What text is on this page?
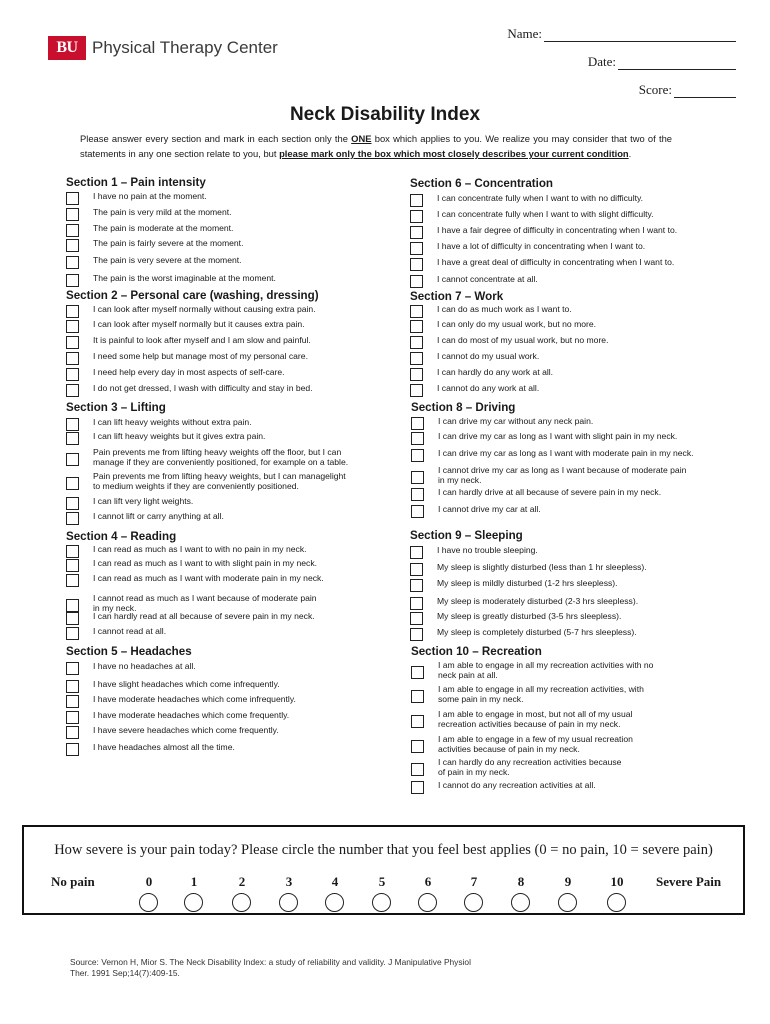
BU Physical Therapy Center
Name:
Date:
Score:
Neck Disability Index
Please answer every section and mark in each section only the ONE box which applies to you. We realize you may consider that two of the statements in any one section relate to you, but please mark only the box which most closely describes your current condition.
Section 1 – Pain intensity
I have no pain at the moment.
The pain is very mild at the moment.
The pain is moderate at the moment.
The pain is fairly severe at the moment.
The pain is very severe at the moment.
The pain is the worst imaginable at the moment.
Section 2 – Personal care (washing, dressing)
I can look after myself normally without causing extra pain.
I can look after myself normally but it causes extra pain.
It is painful to look after myself and I am slow and painful.
I need some help but manage most of my personal care.
I need help every day in most aspects of self-care.
I do not get dressed, I wash with difficulty and stay in bed.
Section 3 – Lifting
I can lift heavy weights without extra pain.
I can lift heavy weights but it gives extra pain.
Pain prevents me from lifting heavy weights off the floor, but I can
manage if they are conveniently positioned, for example on a table.
Pain prevents me from lifting heavy weights, but I can managelight
to medium weights if they are conveniently positioned.
I can lift very light weights.
I cannot lift or carry anything at all.
Section 4 – Reading
I can read as much as I want to with no pain in my neck.
I can read as much as I want to with slight pain in my neck.
I can read as much as I want with moderate pain in my neck.
I cannot read as much as I want because of moderate pain
in my neck.
I can hardly read at all because of severe pain in my neck.
I cannot read at all.
Section 5 – Headaches
I have no headaches at all.
I have slight headaches which come infrequently.
I have moderate headaches which come infrequently.
I have moderate headaches which come frequently.
I have severe headaches which come frequently.
I have headaches almost all the time.
Section 6 – Concentration
I can concentrate fully when I want to with no difficulty.
I can concentrate fully when I want to with slight difficulty.
I have a fair degree of difficulty in concentrating when I want to.
I have a lot of difficulty in concentrating when I want to.
I have a great deal of difficulty in concentrating when I want to.
I cannot concentrate at all.
Section 7 – Work
I can do as much work as I want to.
I can only do my usual work, but no more.
I can do most of my usual work, but no more.
I cannot do my usual work.
I can hardly do any work at all.
I cannot do any work at all.
Section 8 – Driving
I can drive my car without any neck pain.
I can drive my car as long as I want with slight pain in my neck.
I can drive my car as long as I want with moderate pain in my neck.
I cannot drive my car as long as I want because of moderate pain
in my neck.
I can hardly drive at all because of severe pain in my neck.
I cannot drive my car at all.
Section 9 – Sleeping
I have no trouble sleeping.
My sleep is slightly disturbed (less than 1 hr sleepless).
My sleep is mildly disturbed (1-2 hrs sleepless).
My sleep is moderately disturbed (2-3 hrs sleepless).
My sleep is greatly disturbed (3-5 hrs sleepless).
My sleep is completely disturbed (5-7 hrs sleepless).
Section 10 – Recreation
I am able to engage in all my recreation activities with no
neck pain at all.
I am able to engage in all my recreation activities, with
some pain in my neck.
I am able to engage in most, but not all of my usual
recreation activities because of pain in my neck.
I am able to engage in a few of my usual recreation
activities because of pain in my neck.
I can hardly do any recreation activities because
of pain in my neck.
I cannot do any recreation activities at all.
How severe is your pain today? Please circle the number that you feel best applies (0 = no pain, 10 = severe pain)
No pain	Severe Pain
0	1	2	3	4	5	6	7	8	9	10
Source: Vernon H, Mior S. The Neck Disability Index: a study of reliability and validity. J Manipulative Physiol Ther. 1991 Sep;14(7):409-15.
